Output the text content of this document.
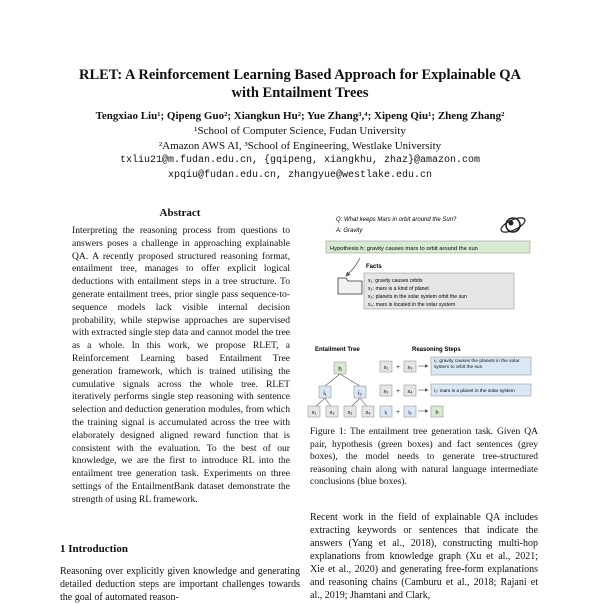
RLET: A Reinforcement Learning Based Approach for Explainable QA
with Entailment Trees
Tengxiao Liu¹; Qipeng Guo²; Xiangkun Hu²; Yue Zhang³,⁴; Xipeng Qiu¹; Zheng Zhang²
¹School of Computer Science, Fudan University
²Amazon AWS AI, ³School of Engineering, Westlake University
txliu21@m.fudan.edu.cn, {gqipeng, xiangkhu, zhaz}@amazon.com
xpqiu@fudan.edu.cn, zhangyue@westlake.edu.cn
Abstract
Interpreting the reasoning process from questions to answers poses a challenge in approaching explainable QA. A recently proposed structured reasoning format, entailment tree, manages to offer explicit logical deductions with entailment steps in a tree structure. To generate entailment trees, prior single pass sequence-to-sequence models lack visible internal decision probability, while stepwise approaches are supervised with extracted single step data and cannot model the tree as a whole. In this work, we propose RLET, a Reinforcement Learning based Entailment Tree generation framework, which is trained utilising the cumulative signals across the whole tree. RLET iteratively performs single step reasoning with sentence selection and deduction generation modules, from which the training signal is accumulated across the tree with elaborately designed aligned reward function that is consistent with the evaluation. To the best of our knowledge, we are the first to introduce RL into the entailment tree generation task. Experiments on three settings of the EntailmentBank dataset demonstrate the strength of using RL framework.
1 Introduction
Reasoning over explicitly given knowledge and generating detailed deduction steps are important challenges towards the goal of automated reason-
Q: What keeps Mars in orbit around the Sun?
A: Gravity
Hypothesis h: gravity causes mars to orbit around the sun
Facts
x₁: gravity causes orbits
x₂: mars is a kind of planet
x₃: planets in the solar system orbit the sun
x₄: mars is located in the solar system
Entailment Tree	Reasoning Steps
h
i₁	i₂
x₁ x₃ x₂ x₄
x₁ + x₃
i₁: gravity causes the planets in the solar system to orbit the sun
x₂ + x₄	i₂: mars is a planet in the solar system
i₁ + i₂	h
Figure 1: The entailment tree generation task. Given QA pair, hypothesis (green boxes) and fact sentences (grey boxes), the model needs to generate tree-structured reasoning chain along with natural language intermediate conclusions (blue boxes).
Recent work in the field of explainable QA includes extracting keywords or sentences that indicate the answers (Yang et al., 2018), constructing multi-hop explanations from knowledge graph (Xu et al., 2021; Xie et al., 2020) and generating free-form explanations and reasoning chains (Camburu et al., 2018; Rajani et al., 2019; Jhamtani and Clark,
